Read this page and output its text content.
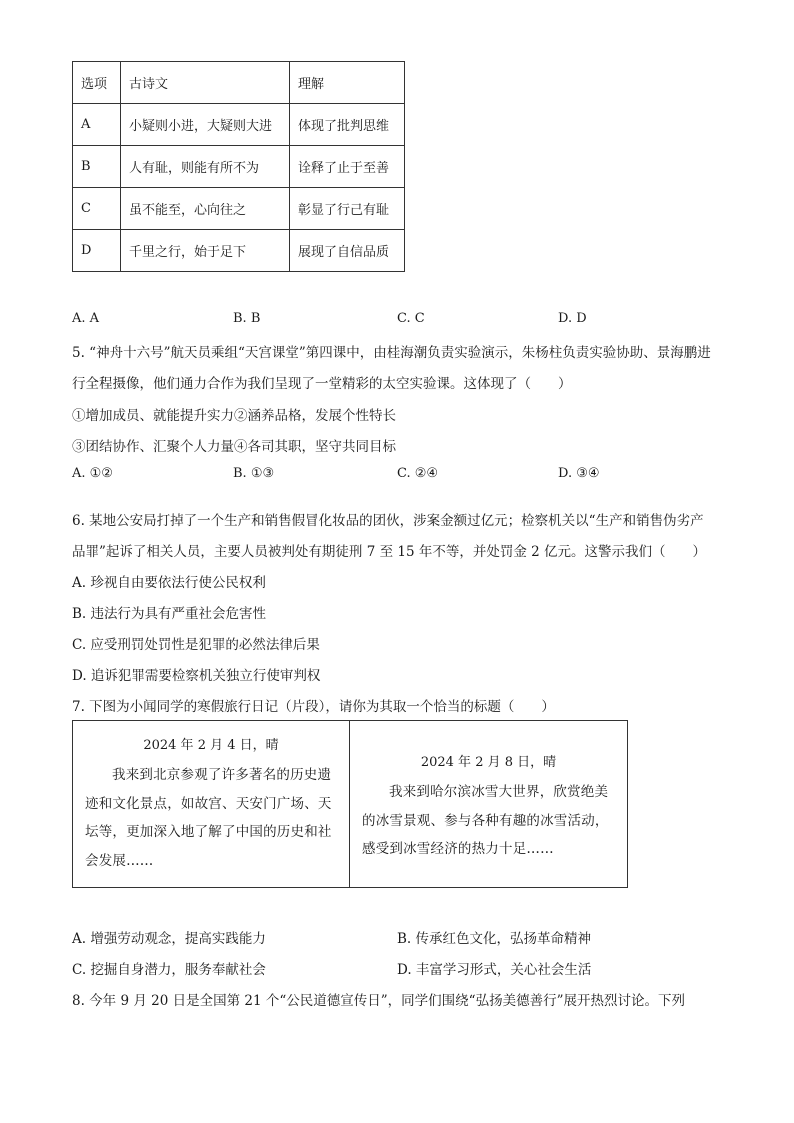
选项	古诗文	理解
A	小疑则小进，大疑则大进	体现了批判思维
B	人有耻，则能有所不为	诠释了止于至善
C	虽不能至，心向往之	彰显了行己有耻
D	千里之行，始于足下	展现了自信品质
A. A	B. B	C. C	D. D
5. “神舟十六号”航天员乘组“天宫课堂”第四课中，由桂海潮负责实验演示，朱杨柱负责实验协助、景海鹏进
行全程摄像，他们通力合作为我们呈现了一堂精彩的太空实验课。这体现了（　　）
①增加成员、就能提升实力②涵养品格，发展个性特长
③团结协作、汇聚个人力量④各司其职，坚守共同目标
A. ①②	B. ①③	C. ②④	D. ③④
6. 某地公安局打掉了一个生产和销售假冒化妆品的团伙，涉案金额过亿元；检察机关以“生产和销售伪劣产
品罪”起诉了相关人员，主要人员被判处有期徒刑 7 至 15 年不等，并处罚金 2 亿元。这警示我们（　　）
A. 珍视自由要依法行使公民权利
B. 违法行为具有严重社会危害性
C. 应受刑罚处罚性是犯罪的必然法律后果
D. 追诉犯罪需要检察机关独立行使审判权
7. 下图为小闻同学的寒假旅行日记（片段），请你为其取一个恰当的标题（　　）
2024 年 2 月 4 日，晴
我来到北京参观了许多著名的历史遗迹和文化景点，如故宫、天安门广场、天坛等，更加深入地了解了中国的历史和社会发展……
2024 年 2 月 8 日，晴
我来到哈尔滨冰雪大世界，欣赏绝美的冰雪景观、参与各种有趣的冰雪活动，感受到冰雪经济的热力十足……
A. 增强劳动观念，提高实践能力	B. 传承红色文化，弘扬革命精神
C. 挖掘自身潜力，服务奉献社会	D. 丰富学习形式，关心社会生活
8. 今年 9 月 20 日是全国第 21 个“公民道德宣传日”，同学们围绕“弘扬美德善行”展开热烈讨论。下列
